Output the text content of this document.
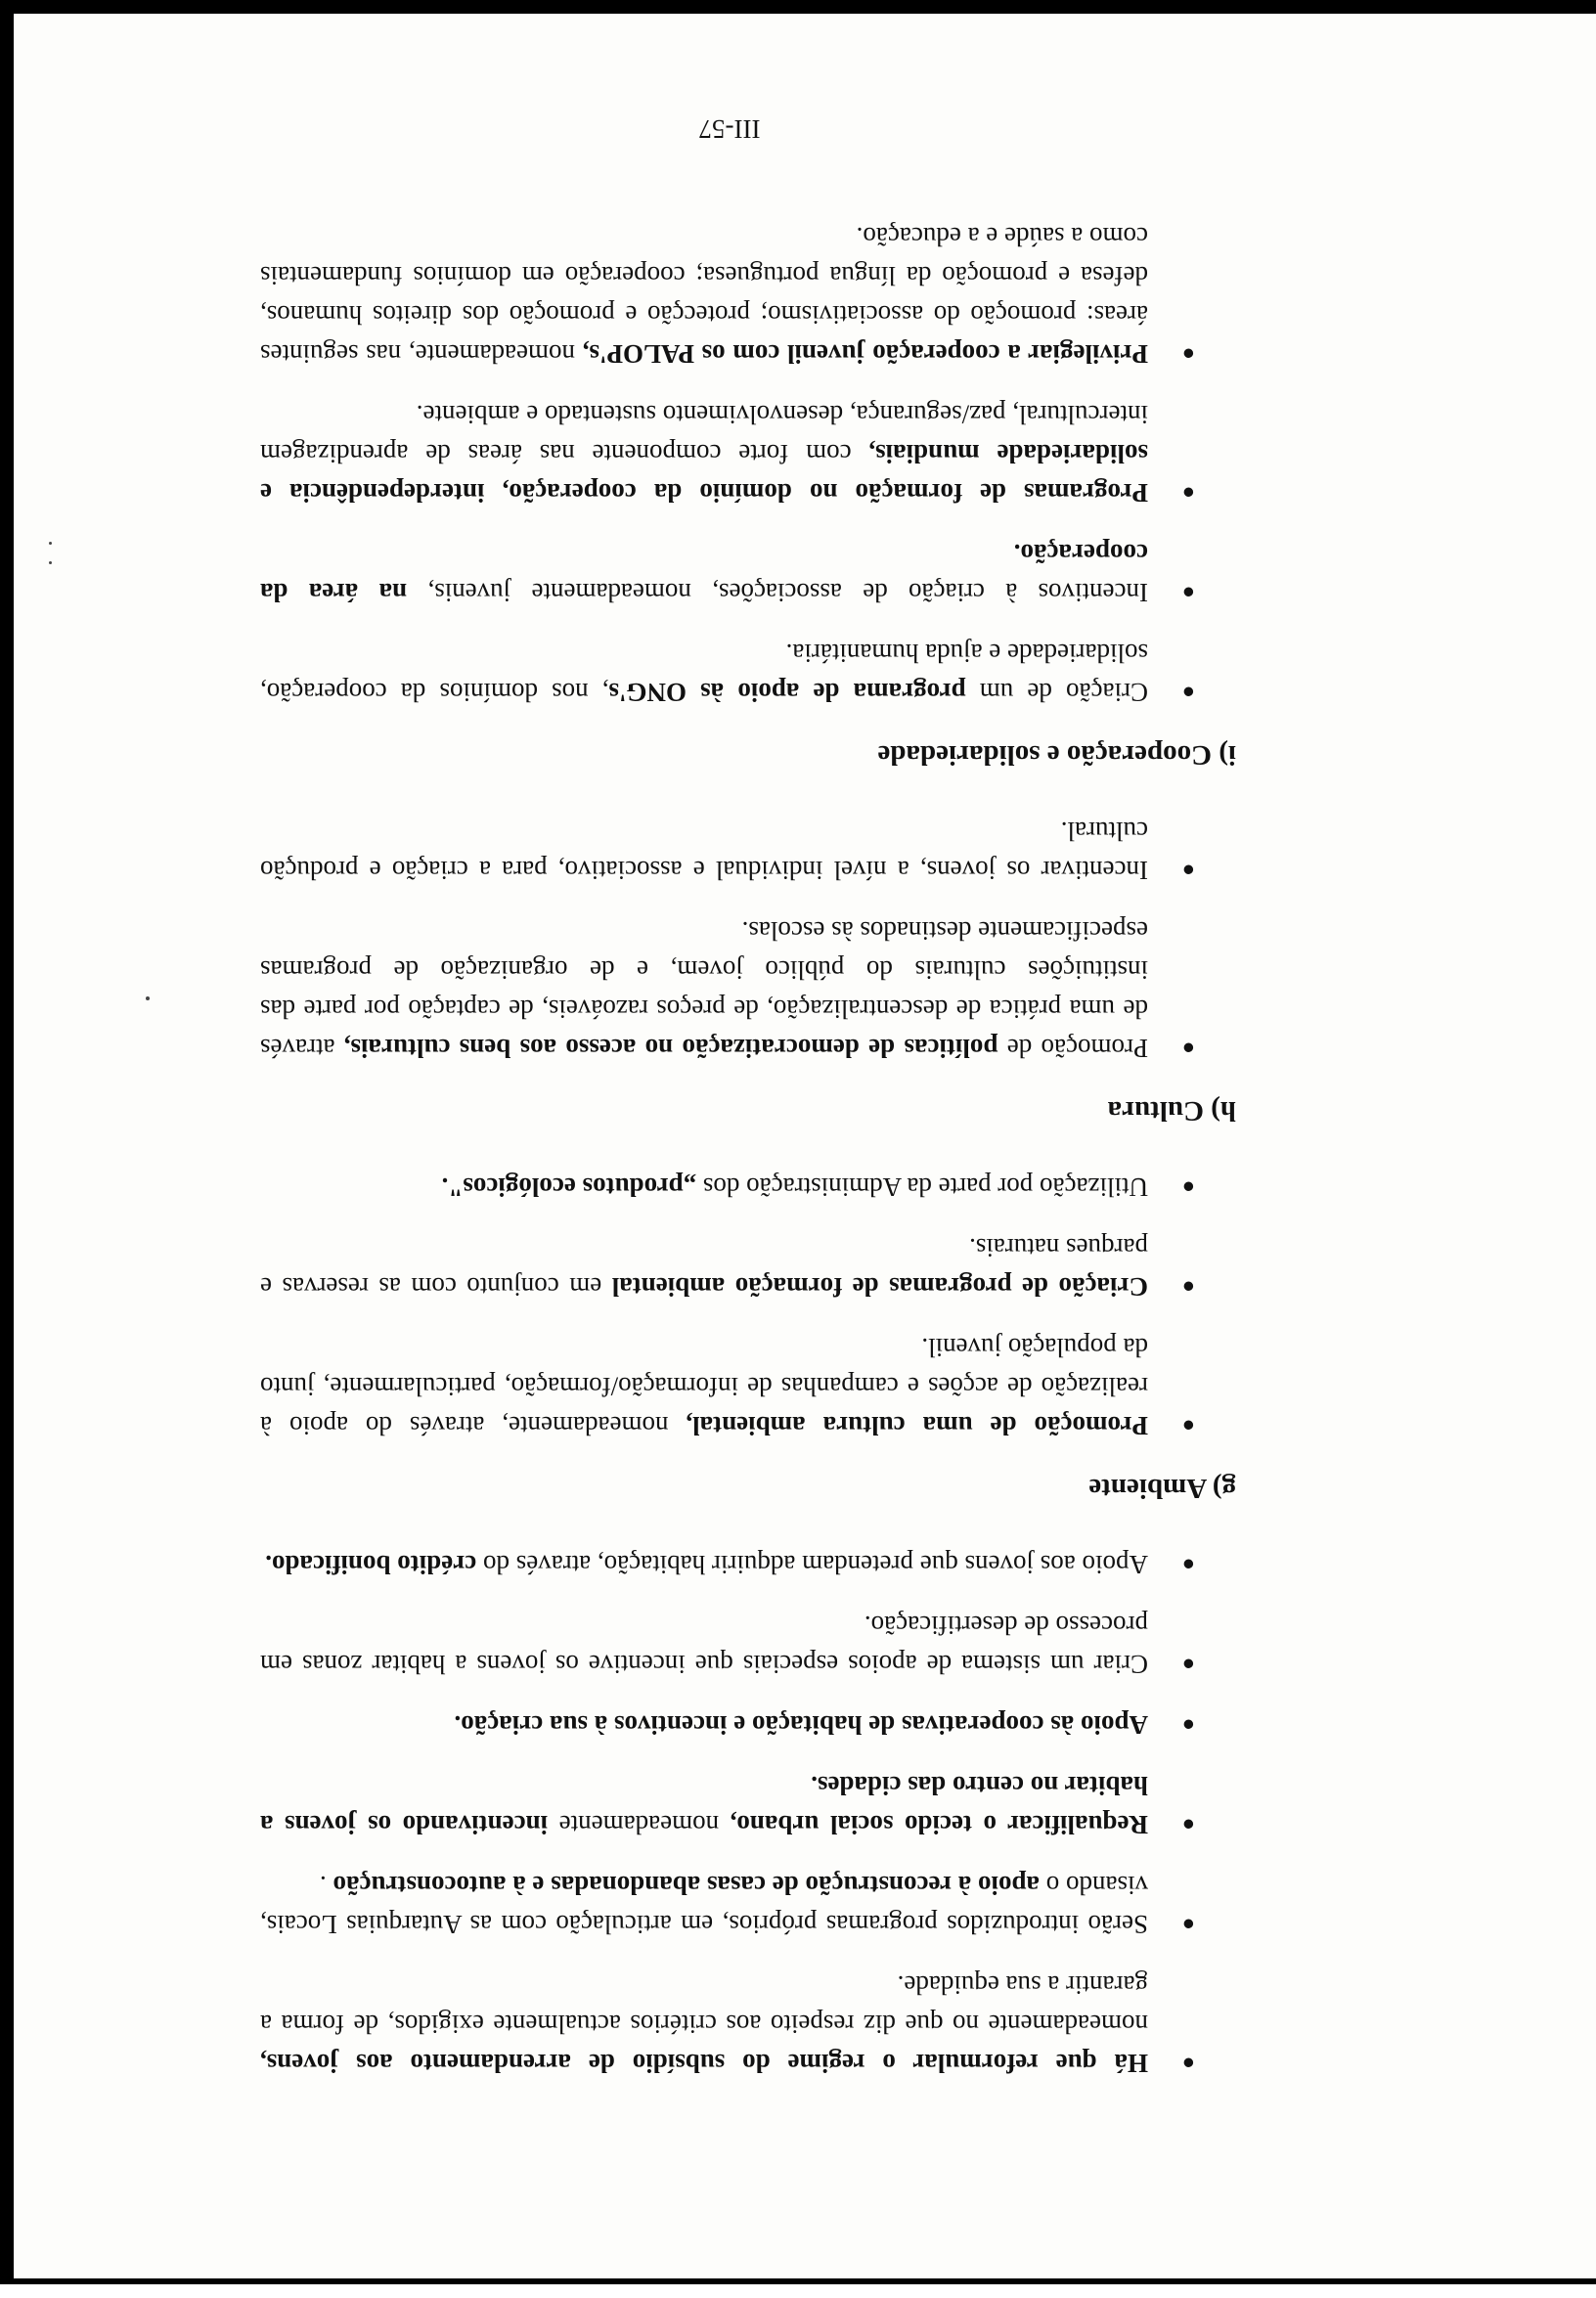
●
Há que reformular o regime do subsídio de arrendamento aos jovens, nomeadamente no que diz respeito aos critérios actualmente exigidos, de forma a garantir a sua equidade.
●
Serão introduzidos programas próprios, em articulação com as Autarquias Locais, visando o apoio à reconstrução de casas abandonadas e à autoconstrução .
●
Requalificar o tecido social urbano, nomeadamente incentivando os jovens a habitar no centro das cidades.
●
Apoio às cooperativas de habitação e incentivos à sua criação.
●
Criar um sistema de apoios especiais que incentive os jovens a habitar zonas em processo de desertificação.
●
Apoio aos jovens que pretendam adquirir habitação, através do crédito bonificado.
g) Ambiente
●
Promoção de uma cultura ambiental, nomeadamente, através do apoio à realização de acções e campanhas de informação/formação, particularmente, junto da população juvenil.
●
Criação de programas de formação ambiental em conjunto com as reservas e parques naturais.
●
Utilização por parte da Administração dos „produtos ecológicos".
h) Cultura
●
Promoção de políticas de democratização no acesso aos bens culturais, através de uma prática de descentralização, de preços razoáveis, de captação por parte das instituições culturais do público jovem, e de organização de programas especificamente destinados às escolas.
●
Incentivar os jovens, a nível individual e associativo, para a criação e produção cultural.
i) Cooperação e solidariedade
●
Criação de um programa de apoio às ONG's, nos domínios da cooperação, solidariedade e ajuda humanitária.
●
Incentivos à criação de associações, nomeadamente juvenis, na área da cooperação.
●
Programas de formação no domínio da cooperação, interdependência e solidariedade mundiais, com forte componente nas áreas de aprendizagem intercultural, paz/segurança, desenvolvimento sustentado e ambiente.
●
Privilegiar a cooperação juvenil com os PALOP's, nomeadamente, nas seguintes áreas: promoção do associativismo; protecção e promoção dos direitos humanos, defesa e promoção da língua portuguesa; cooperação em domínios fundamentais como a saúde e a educação.
III-57
